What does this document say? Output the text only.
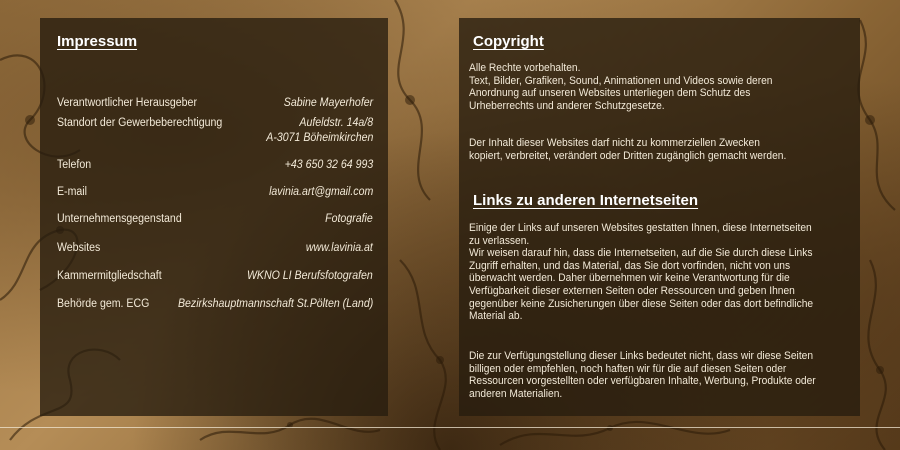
Impressum
Verantwortlicher Herausgeber	Sabine Mayerhofer
Standort der Gewerbeberechtigung	Aufeldstr. 14a/8
A-3071 Böheimkirchen
Telefon	+43 650 32 64 993
E-mail	lavinia.art@gmail.com
Unternehmensgegenstand	Fotografie
Websites	www.lavinia.at
Kammermitgliedschaft	WKNÖ LI Berufsfotografen
Behörde gem. ECG Bezirkshauptmannschaft St.Pölten (Land)
Copyright
Alle Rechte vorbehalten.
Text, Bilder, Grafiken, Sound, Animationen und Videos sowie deren
Anordnung auf unseren Websites unterliegen dem Schutz des
Urheberrechts und anderer Schutzgesetze.
Der Inhalt dieser Websites darf nicht zu kommerziellen Zwecken
kopiert, verbreitet, verändert oder Dritten zugänglich gemacht werden.
Links zu anderen Internetseiten
Einige der Links auf unseren Websites gestatten Ihnen, diese Internetseiten
zu verlassen.
Wir weisen darauf hin, dass die Internetseiten, auf die Sie durch diese Links
Zugriff erhalten, und das Material, das Sie dort vorfinden, nicht von uns
überwacht werden. Daher übernehmen wir keine Verantwortung für die
Verfügbarkeit dieser externen Seiten oder Ressourcen und geben Ihnen
gegenüber keine Zusicherungen über diese Seiten oder das dort befindliche
Material ab.
Die zur Verfügungstellung dieser Links bedeutet nicht, dass wir diese Seiten
billigen oder empfehlen, noch haften wir für die auf diesen Seiten oder
Ressourcen vorgestellten oder verfügbaren Inhalte, Werbung, Produkte oder
anderen Materialien.
